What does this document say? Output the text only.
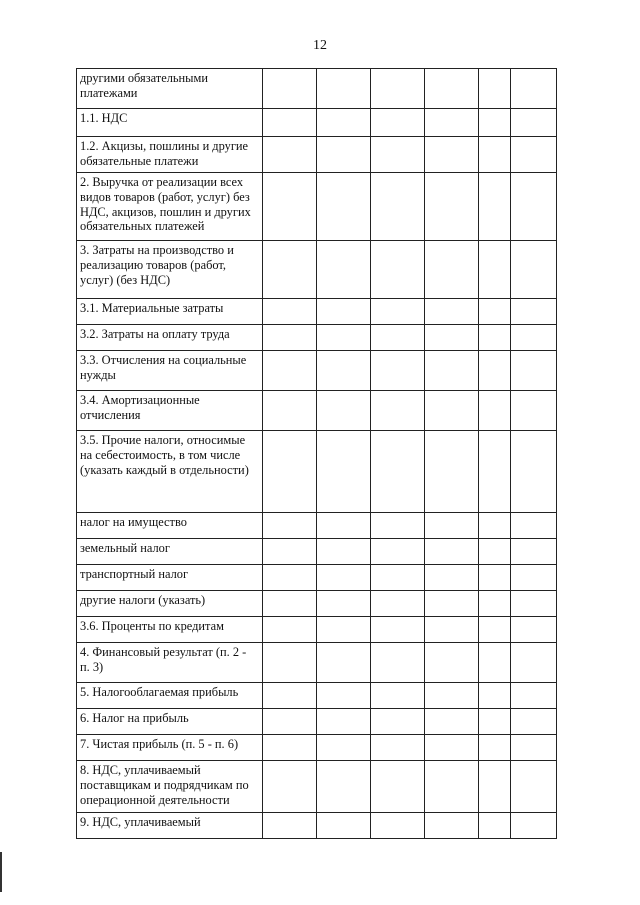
12
другими обязательными платежами						
1.1. НДС						
1.2. Акцизы, пошлины и другие обязательные платежи						
2. Выручка от реализации всех видов товаров (работ, услуг) без НДС, акцизов, пошлин и других обязательных платежей						
3. Затраты на производство и реализацию товаров (работ, услуг) (без НДС)						
3.1. Материальные затраты						
3.2. Затраты на оплату труда						
3.3. Отчисления на социальные нужды						
3.4. Амортизационные отчисления						
3.5. Прочие налоги, относимые на себестоимость, в том числе (указать каждый в отдельности)						
налог на имущество						
земельный налог						
транспортный налог						
другие налоги (указать)						
3.6. Проценты по кредитам						
4. Финансовый результат (п. 2 - п. 3)						
5. Налогооблагаемая прибыль						
6. Налог на прибыль						
7. Чистая прибыль (п. 5 - п. 6)						
8. НДС, уплачиваемый поставщикам и подрядчикам по операционной деятельности						
9. НДС, уплачиваемый						
